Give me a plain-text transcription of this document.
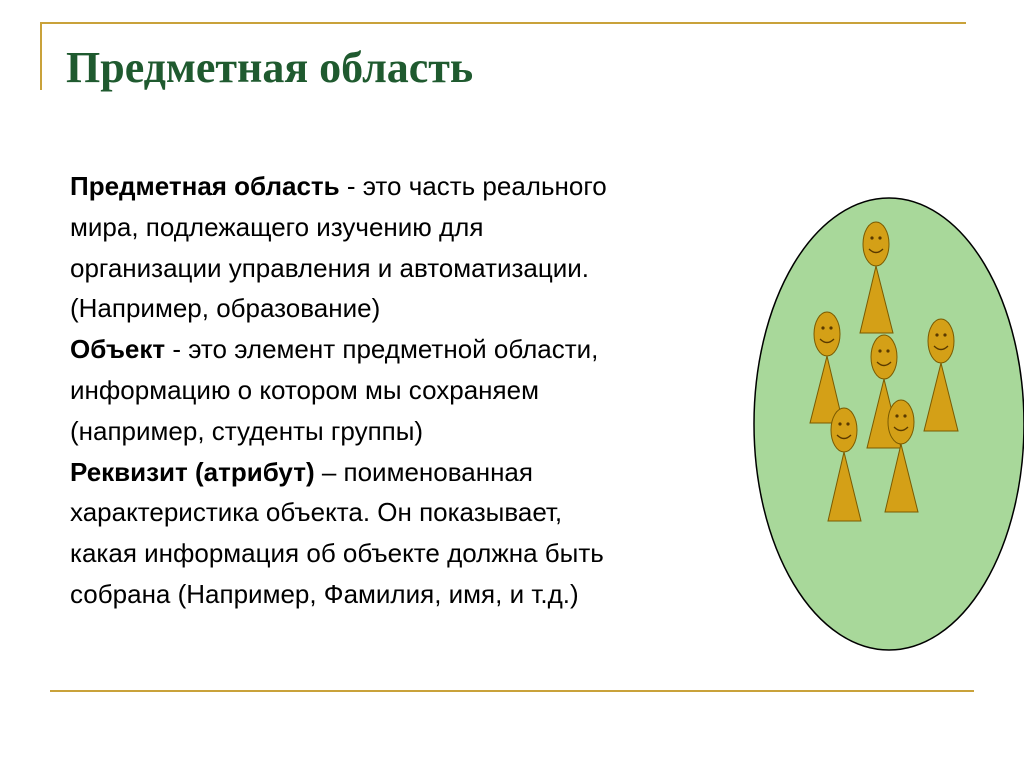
Предметная область
Предметная область - это часть реального
мира, подлежащего изучению для
организации управления и автоматизации.
(Например, образование)
Объект - это элемент предметной области,
информацию о котором мы сохраняем
(например, студенты группы)
Реквизит (атрибут) – поименованная
характеристика объекта. Он показывает,
какая информация об объекте должна быть
собрана (Например, Фамилия, имя, и т.д.)
